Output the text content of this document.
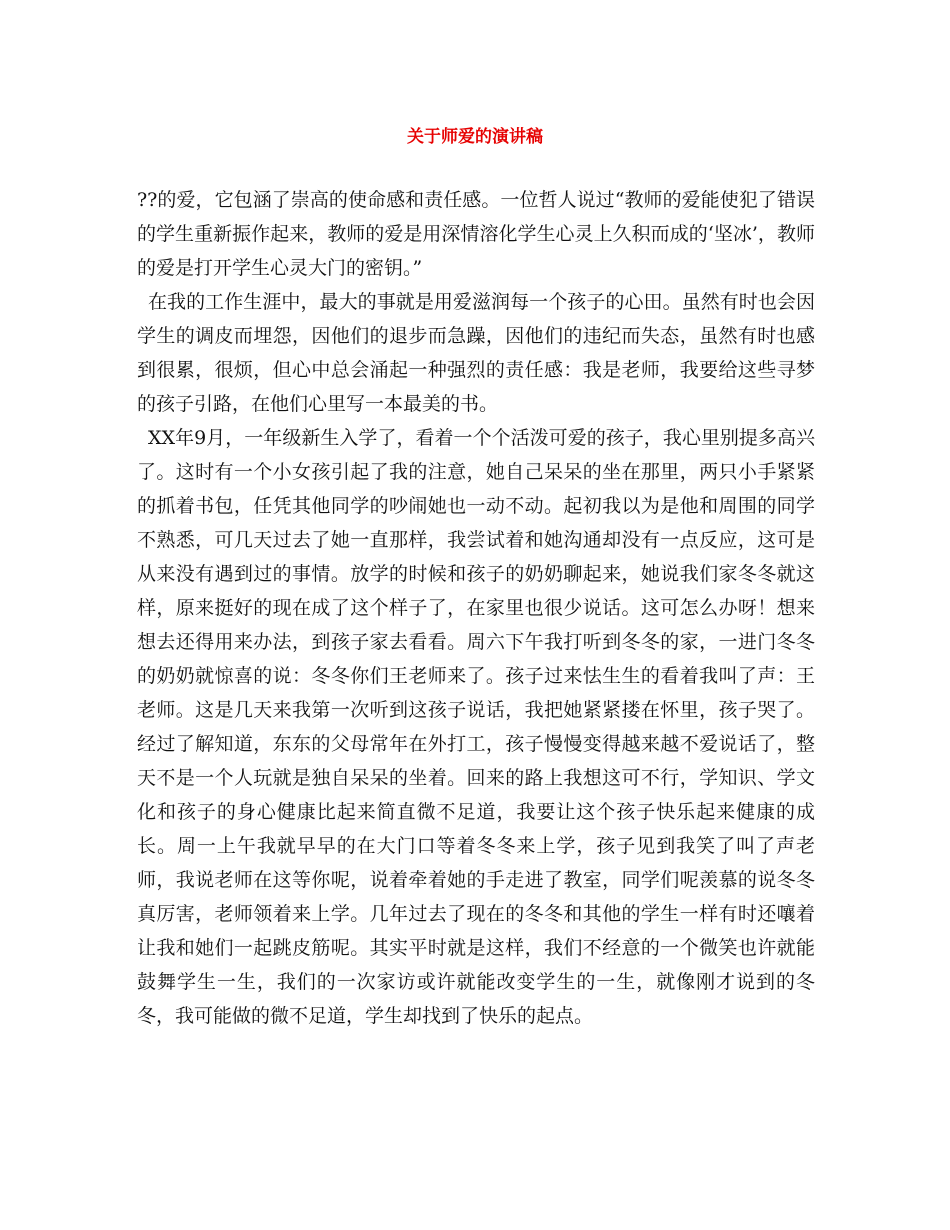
关于师爱的演讲稿

??的爱，它包涵了崇高的使命感和责任感。一位哲人说过“教师的爱能使犯了错误的学生重新振作起来，教师的爱是用深情溶化学生心灵上久积而成的‘坚冰’，教师的爱是打开学生心灵大门的密钥。”

在我的工作生涯中，最大的事就是用爱滋润每一个孩子的心田。虽然有时也会因学生的调皮而埋怨，因他们的退步而急躁，因他们的违纪而失态，虽然有时也感到很累，很烦，但心中总会涌起一种强烈的责任感：我是老师，我要给这些寻梦的孩子引路，在他们心里写一本最美的书。

XX年9月，一年级新生入学了，看着一个个活泼可爱的孩子，我心里别提多高兴了。这时有一个小女孩引起了我的注意，她自己呆呆的坐在那里，两只小手紧紧的抓着书包，任凭其他同学的吵闹她也一动不动。起初我以为是他和周围的同学不熟悉，可几天过去了她一直那样，我尝试着和她沟通却没有一点反应，这可是从来没有遇到过的事情。放学的时候和孩子的奶奶聊起来，她说我们家冬冬就这样，原来挺好的现在成了这个样子了，在家里也很少说话。这可怎么办呀！想来想去还得用来办法，到孩子家去看看。周六下午我打听到冬冬的家，一进门冬冬的奶奶就惊喜的说：冬冬你们王老师来了。孩子过来怯生生的看着我叫了声：王老师。这是几天来我第一次听到这孩子说话，我把她紧紧搂在怀里，孩子哭了。经过了解知道，东东的父母常年在外打工，孩子慢慢变得越来越不爱说话了，整天不是一个人玩就是独自呆呆的坐着。回来的路上我想这可不行，学知识、学文化和孩子的身心健康比起来简直微不足道，我要让这个孩子快乐起来健康的成长。周一上午我就早早的在大门口等着冬冬来上学，孩子见到我笑了叫了声老师，我说老师在这等你呢，说着牵着她的手走进了教室，同学们呢羡慕的说冬冬真厉害，老师领着来上学。几年过去了现在的冬冬和其他的学生一样有时还嚷着让我和她们一起跳皮筋呢。其实平时就是这样，我们不经意的一个微笑也许就能鼓舞学生一生，我们的一次家访或许就能改变学生的一生，就像刚才说到的冬冬，我可能做的微不足道，学生却找到了快乐的起点。
